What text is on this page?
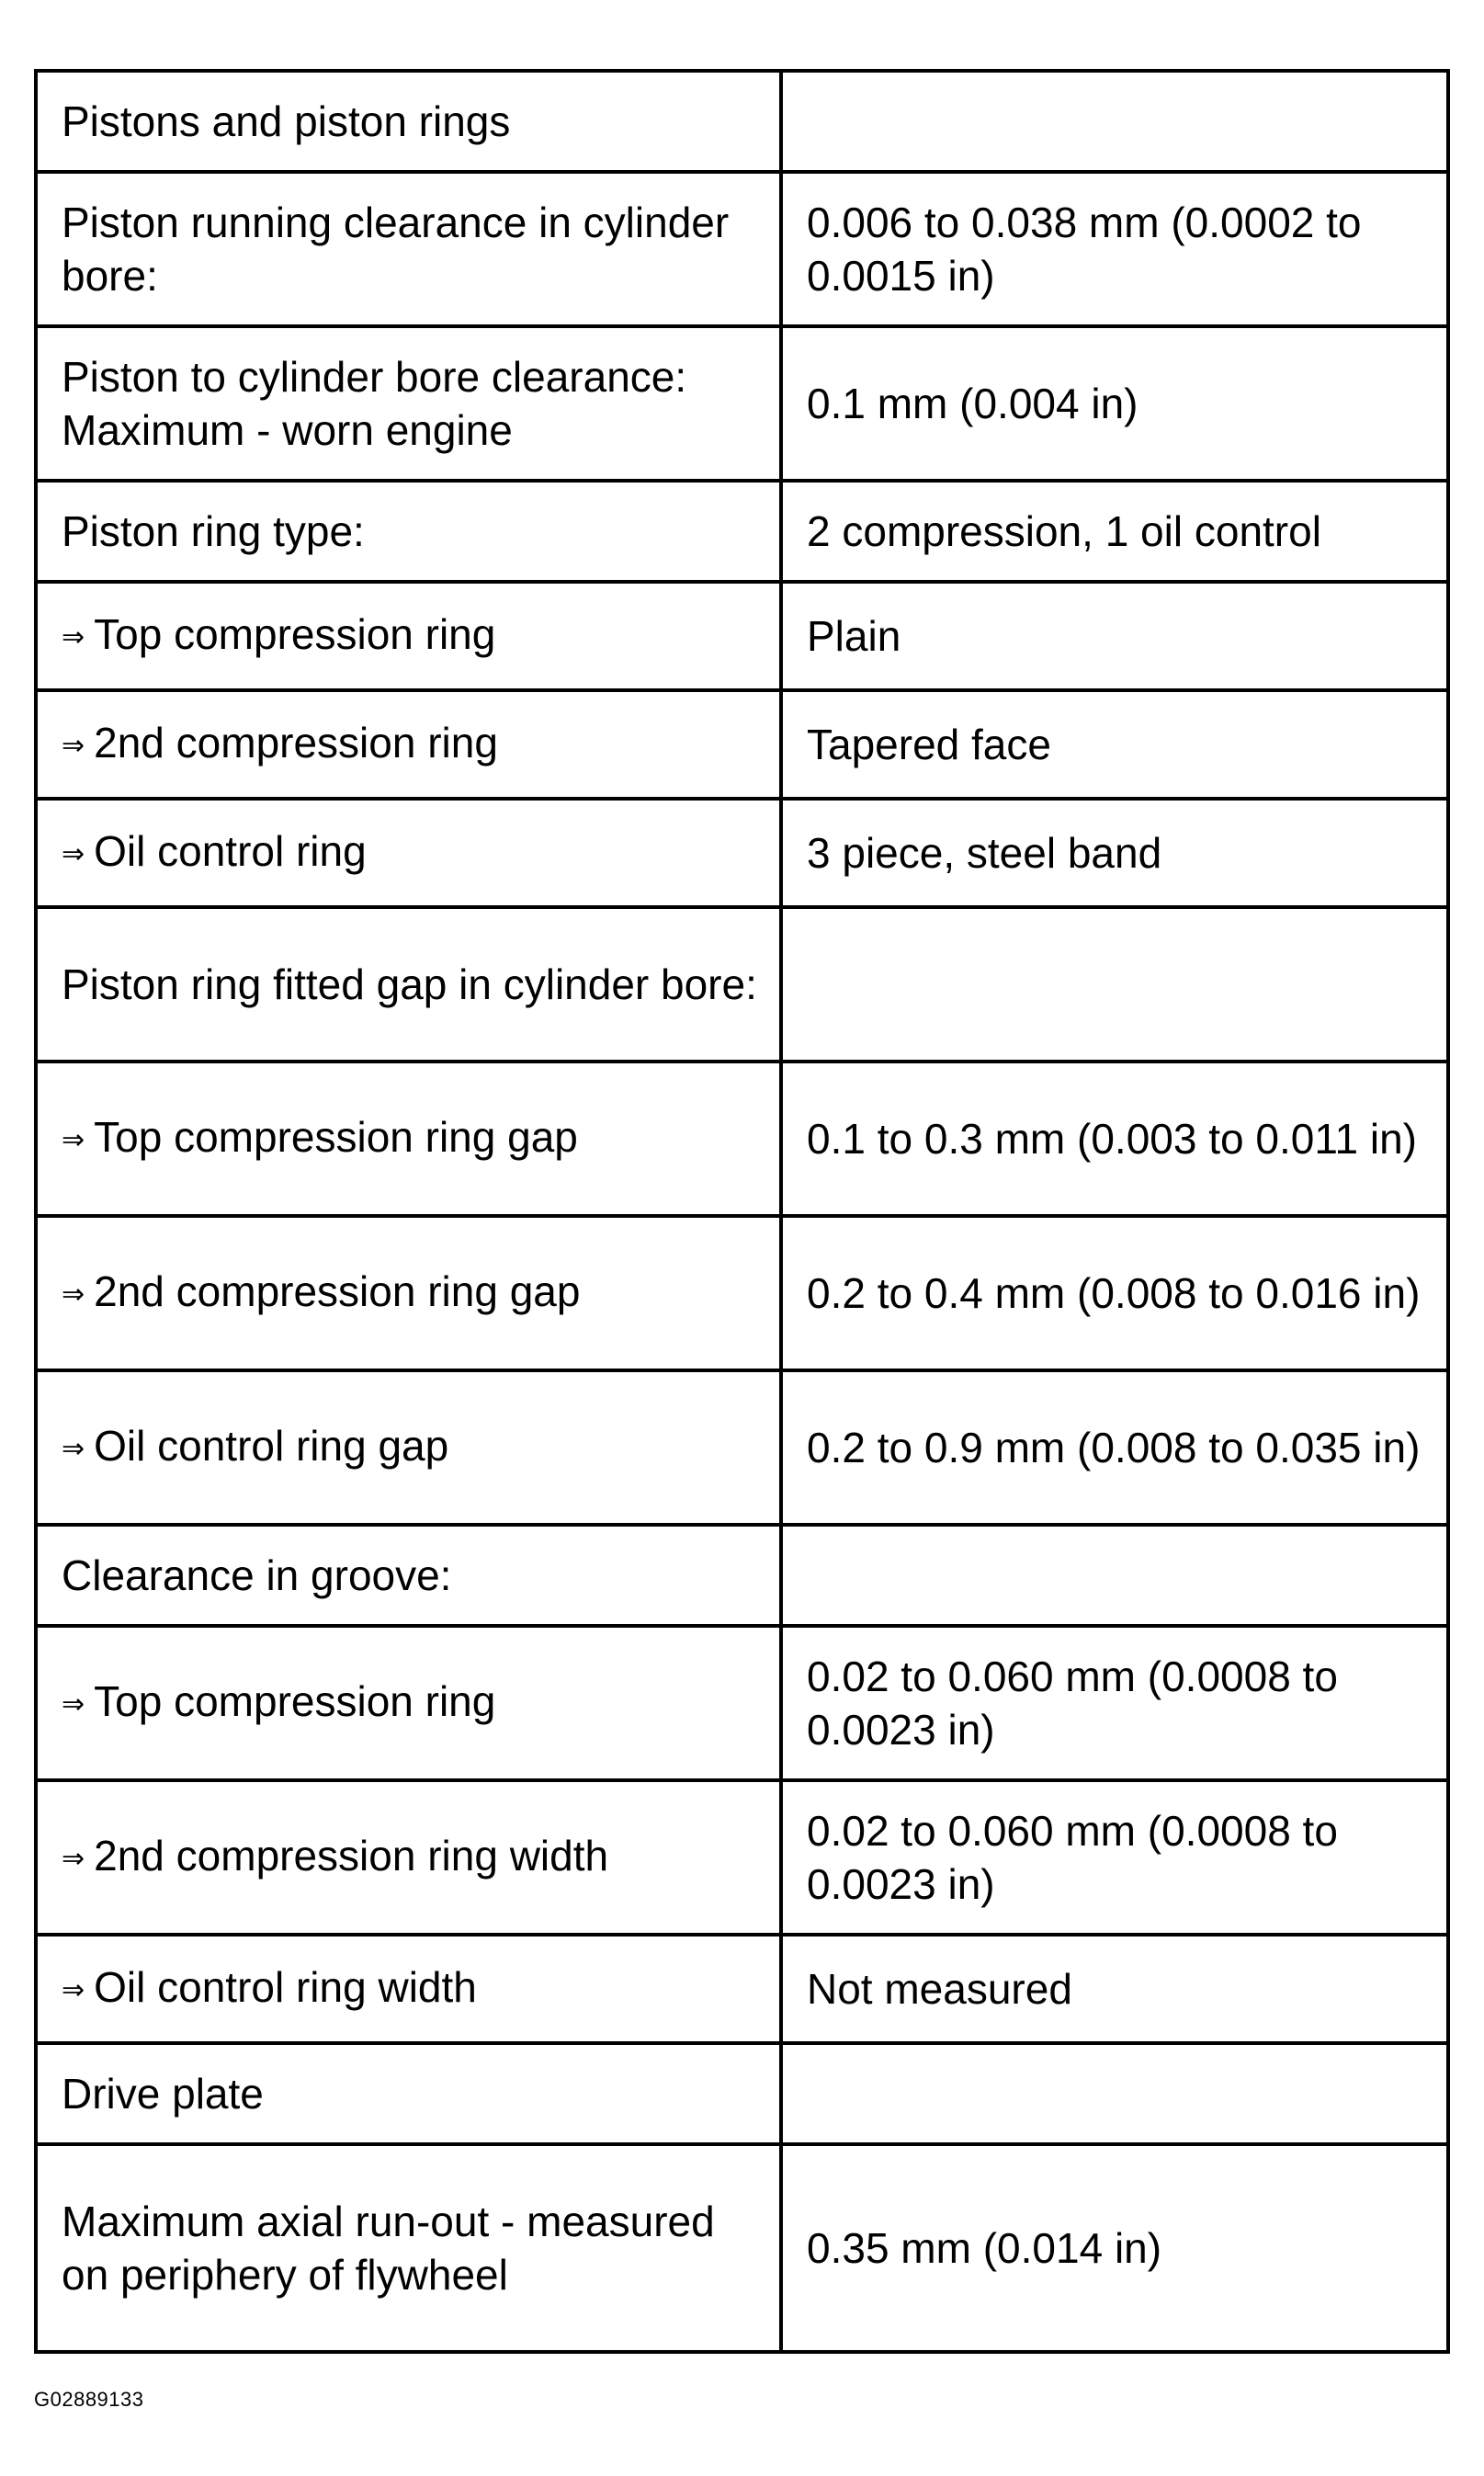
Pistons and piston rings	
Piston running clearance in cylinder bore:	0.006 to 0.038 mm (0.0002 to 0.0015 in)
Piston to cylinder bore clearance: Maximum - worn engine	0.1 mm (0.004 in)
Piston ring type:	2 compression, 1 oil control
⇒ Top compression ring	Plain
⇒ 2nd compression ring	Tapered face
⇒ Oil control ring	3 piece, steel band
Piston ring fitted gap in cylinder bore:	
⇒ Top compression ring gap	0.1 to 0.3 mm (0.003 to 0.011 in)
⇒ 2nd compression ring gap	0.2 to 0.4 mm (0.008 to 0.016 in)
⇒ Oil control ring gap	0.2 to 0.9 mm (0.008 to 0.035 in)
Clearance in groove:	
⇒ Top compression ring	0.02 to 0.060 mm (0.0008 to 0.0023 in)
⇒ 2nd compression ring width	0.02 to 0.060 mm (0.0008 to 0.0023 in)
⇒ Oil control ring width	Not measured
Drive plate	
Maximum axial run-out - measured on periphery of flywheel	0.35 mm (0.014 in)
G02889133
